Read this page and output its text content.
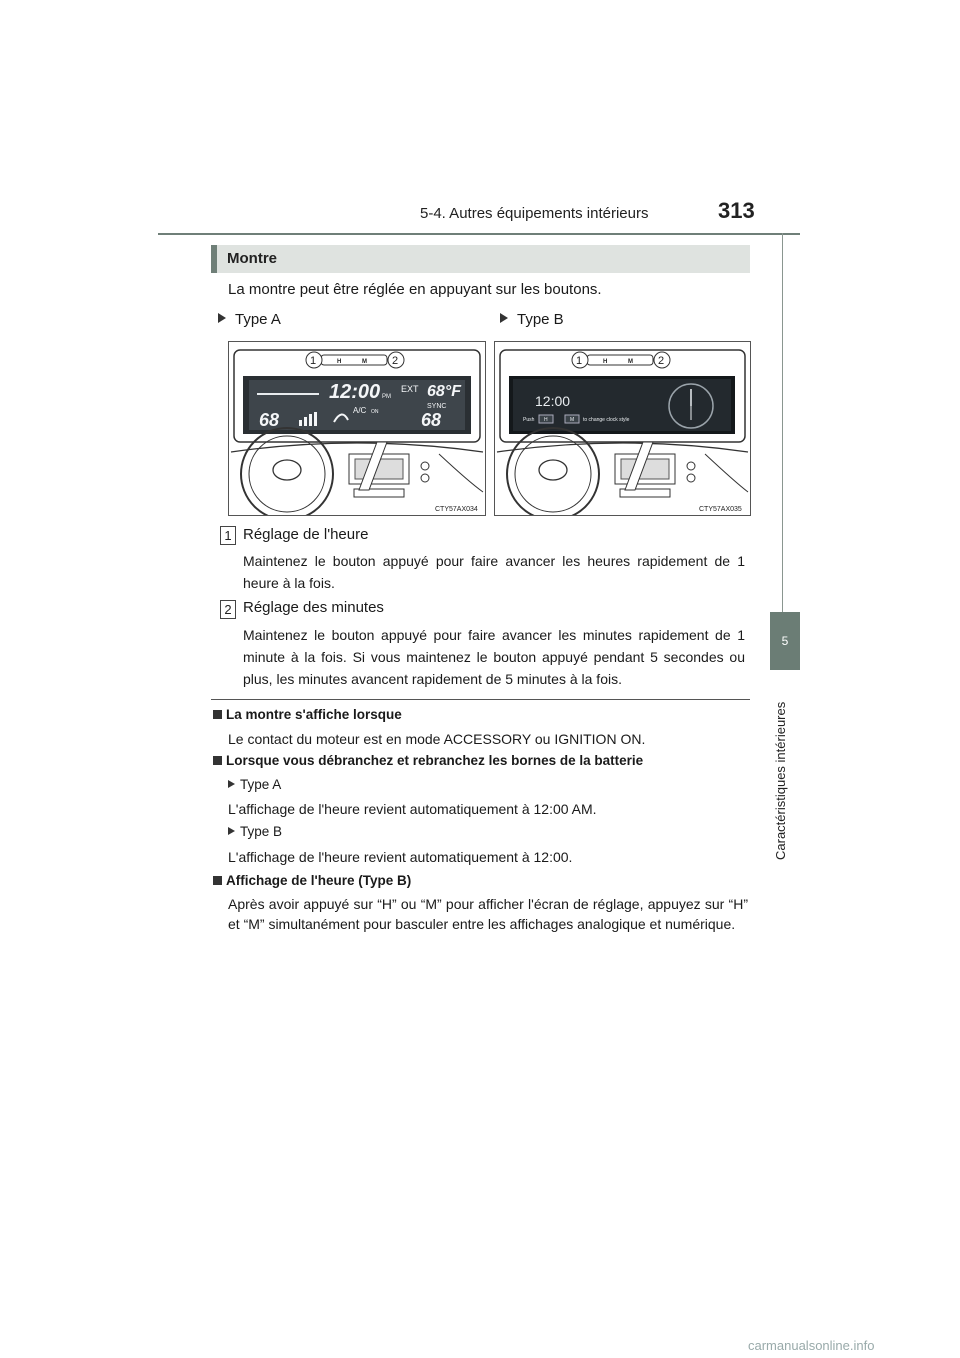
5-4. Autres équipements intérieurs	313
5
Caractéristiques intérieures
Montre
La montre peut être réglée en appuyant sur les boutons.
Type A	Type B
12:00 PM
EXT 68°F
68	A/C ON
SYNC
68
H	M
1	2
CTY57AX034
12:00
Push H	M to change clock style
H	M
1	2
CTY57AX035
1 Réglage de l'heure
Maintenez le bouton appuyé pour faire avancer les heures rapidement de 1 heure à la fois.
2 Réglage des minutes
Maintenez le bouton appuyé pour faire avancer les minutes rapidement de 1 minute à la fois. Si vous maintenez le bouton appuyé pendant 5 secondes ou plus, les minutes avancent rapidement de 5 minutes à la fois.
La montre s'affiche lorsque
Le contact du moteur est en mode ACCESSORY ou IGNITION ON.
Lorsque vous débranchez et rebranchez les bornes de la batterie
Type A
L'affichage de l'heure revient automatiquement à 12:00 AM.
Type B
L'affichage de l'heure revient automatiquement à 12:00.
Affichage de l'heure (Type B)
Après avoir appuyé sur “H” ou “M” pour afficher l'écran de réglage, appuyez sur “H” et “M” simultanément pour basculer entre les affichages analogique et numérique.
carmanualsonline.info
